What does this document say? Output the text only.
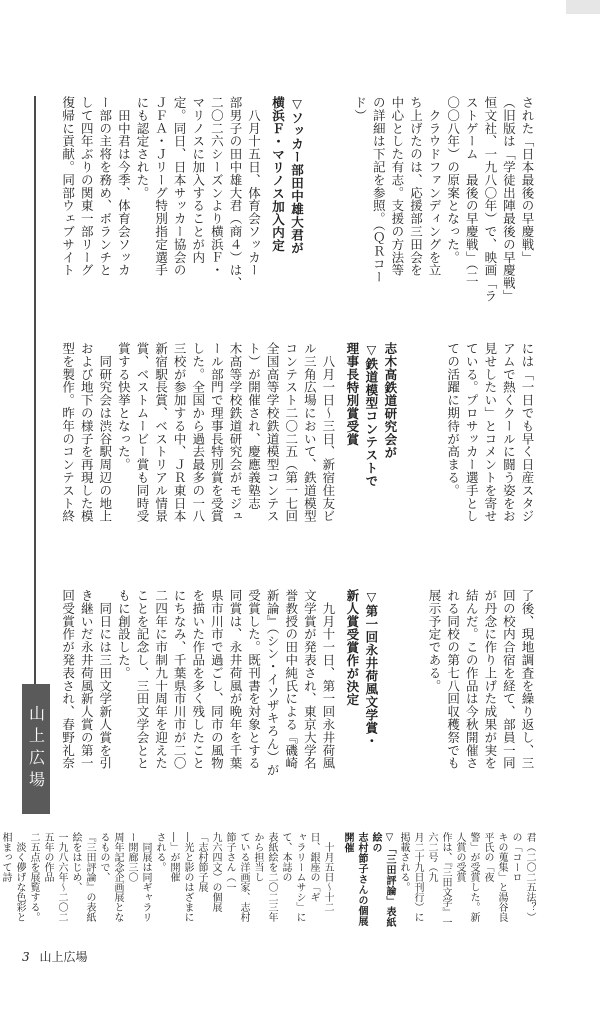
山上広場
3 山上広場
された「日本最後の早慶戦」
（旧版は「学徒出陣最後の早慶戦」
恒文社、一九八〇年）で、映画「ラ
ストゲーム　最後の早慶戦」（二
〇〇八年）の原案となった。
　クラウドファンディングを立
ち上げたのは、応援部三田会を
中心とした有志。支援の方法等
の詳細は下記を参照。（ＱＲコー
ド）
▽ソッカー部田中雄大君が
横浜Ｆ・マリノス加入内定
　八月十五日、体育会ソッカー
部男子の田中雄大君（商４）は、
二〇二六シーズンより横浜Ｆ・
マリノスに加入することが内
定。同日、日本サッカー協会の
ＪＦＡ・Ｊリーグ特別指定選手
にも認定された。
　田中君は今季、体育会ソッカ
ー部の主将を務め、ボランチと
して四年ぶりの関東一部リーグ
復帰に貢献。同部ウェブサイト
には「一日でも早く日産スタジ
アムで熱くクールに闘う姿をお
見せしたい」とコメントを寄せ
ている。プロサッカー選手とし
ての活躍に期待が高まる。
志木高鉄道研究会が
▽鉄道模型コンテストで
理事長特別賞受賞
　八月一日〜三日、新宿住友ビ
ル三角広場において、鉄道模型
コンテスト二〇二五（第一七回
全国高等学校鉄道模型コンテス
ト）が開催され、慶應義塾志
木高等学校鉄道研究会がモジュ
ール部門で理事長特別賞を受賞
した。全国から過去最多の一八
三校が参加する中、ＪＲ東日本
新宿駅長賞、ベストリアル情景
賞、ベストムービー賞も同時受
賞する快挙となった。
　同研究会は渋谷駅周辺の地上
および地下の様子を再現した模
型を製作。昨年のコンテスト終
了後、現地調査を繰り返し、三
回の校内合宿を経て、部員一同
が丹念に作り上げた成果が実を
結んだ。この作品は今秋開催さ
れる同校の第七八回収穫祭でも
展示予定である。
▽第一回永井荷風文学賞・
新人賞受賞作が決定
　九月十一日、第一回永井荷風
文学賞が発表され、東京大学名
誉教授の田中純氏による『磯崎
新論』（シン・イソザキろん）が
受賞した。既刊書を対象とする
同賞は、永井荷風が晩年を千葉
県市川市で過ごし、同市の風物
を描いた作品を多く残したこと
にちなみ、千葉県市川市が二〇
二四年に市制九十周年を迎えた
ことを記念し、三田文学会とと
もに創設した。
　同日には三田文学新人賞を引
き継いだ永井荷風新人賞の第一
回受賞作が発表され、春野礼奈
君（二〇二五法？）の「コーロ
キの蒐集」と湯谷良平氏の「夜
警」が受賞した。新人賞の受賞
作は、『三田文学』一六二号（九
月二十九日刊行）に掲載される。
▽「三田評論」表紙絵の
志村節子さんの個展開催
　十月五日〜十二日、銀座の「ギ
ャラリームサシ」にて、本誌の
表紙絵を二〇二三年から担当し
ている洋画家、志村節子さん（一
九六四文）の個展「志村節子展
―光と影のはざまに―」が開催
される。
　同展は同ギャラリー開廊三〇
周年記念企画展となるもので、
『三田評論』の表紙絵をはじめ、
一九八六年〜二〇二五年の作品
二五点を展覧する。
　淡く儚げな色彩と相まって詩
